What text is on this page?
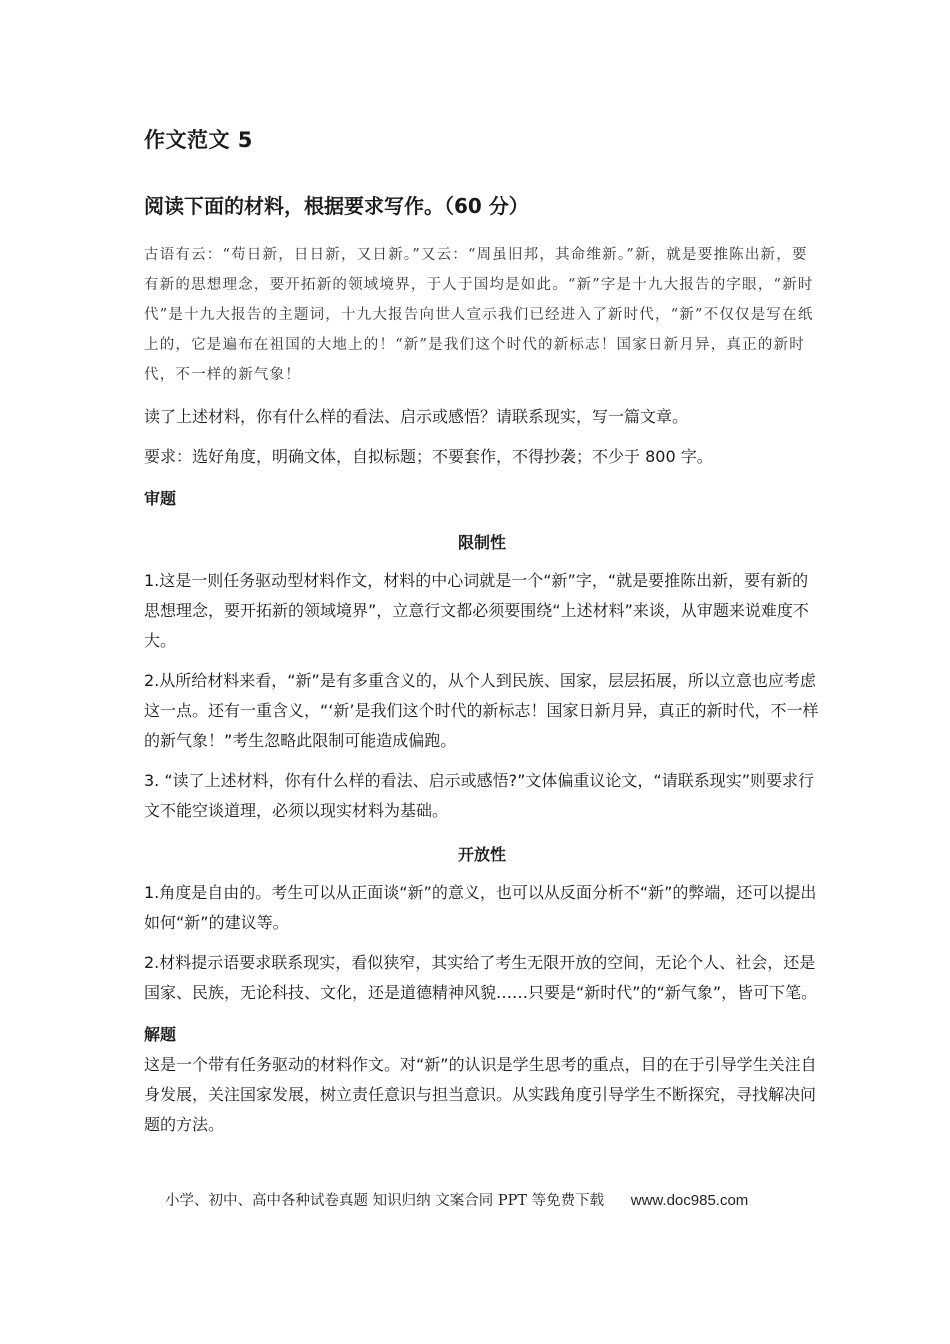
作文范文 5
阅读下面的材料，根据要求写作。（60 分）

古语有云：“苟日新，日日新，又日新。”又云：“周虽旧邦，其命维新。”新，就是要推陈出新，要有新的思想理念，要开拓新的领域境界，于人于国均是如此。“新”字是十九大报告的字眼，“新时代”是十九大报告的主题词，十九大报告向世人宣示我们已经进入了新时代，“新”不仅仅是写在纸上的，它是遍布在祖国的大地上的！“新”是我们这个时代的新标志！国家日新月异，真正的新时代，不一样的新气象！

读了上述材料，你有什么样的看法、启示或感悟？请联系现实，写一篇文章。

要求：选好角度，明确文体，自拟标题；不要套作，不得抄袭；不少于 800 字。

审题
限制性

1.这是一则任务驱动型材料作文，材料的中心词就是一个“新”字，“就是要推陈出新，要有新的思想理念，要开拓新的领域境界”，立意行文都必须要围绕“上述材料”来谈，从审题来说难度不大。

2.从所给材料来看，“新”是有多重含义的，从个人到民族、国家，层层拓展，所以立意也应考虑这一点。还有一重含义，“‘新’是我们这个时代的新标志！国家日新月异，真正的新时代，不一样的新气象！”考生忽略此限制可能造成偏跑。

3. “读了上述材料，你有什么样的看法、启示或感悟?”文体偏重议论文，“请联系现实”则要求行文不能空谈道理，必须以现实材料为基础。

开放性

1.角度是自由的。考生可以从正面谈“新”的意义，也可以从反面分析不“新”的弊端，还可以提出如何“新”的建议等。

2.材料提示语要求联系现实，看似狭窄，其实给了考生无限开放的空间，无论个人、社会，还是国家、民族，无论科技、文化，还是道德精神风貌……只要是“新时代”的“新气象”，皆可下笔。

解题

这是一个带有任务驱动的材料作文。对“新”的认识是学生思考的重点，目的在于引导学生关注自身发展，关注国家发展，树立责任意识与担当意识。从实践角度引导学生不断探究，寻找解决问题的方法。

小学、初中、高中各种试卷真题 知识归纳 文案合同 PPT 等免费下载 www.doc985.com
